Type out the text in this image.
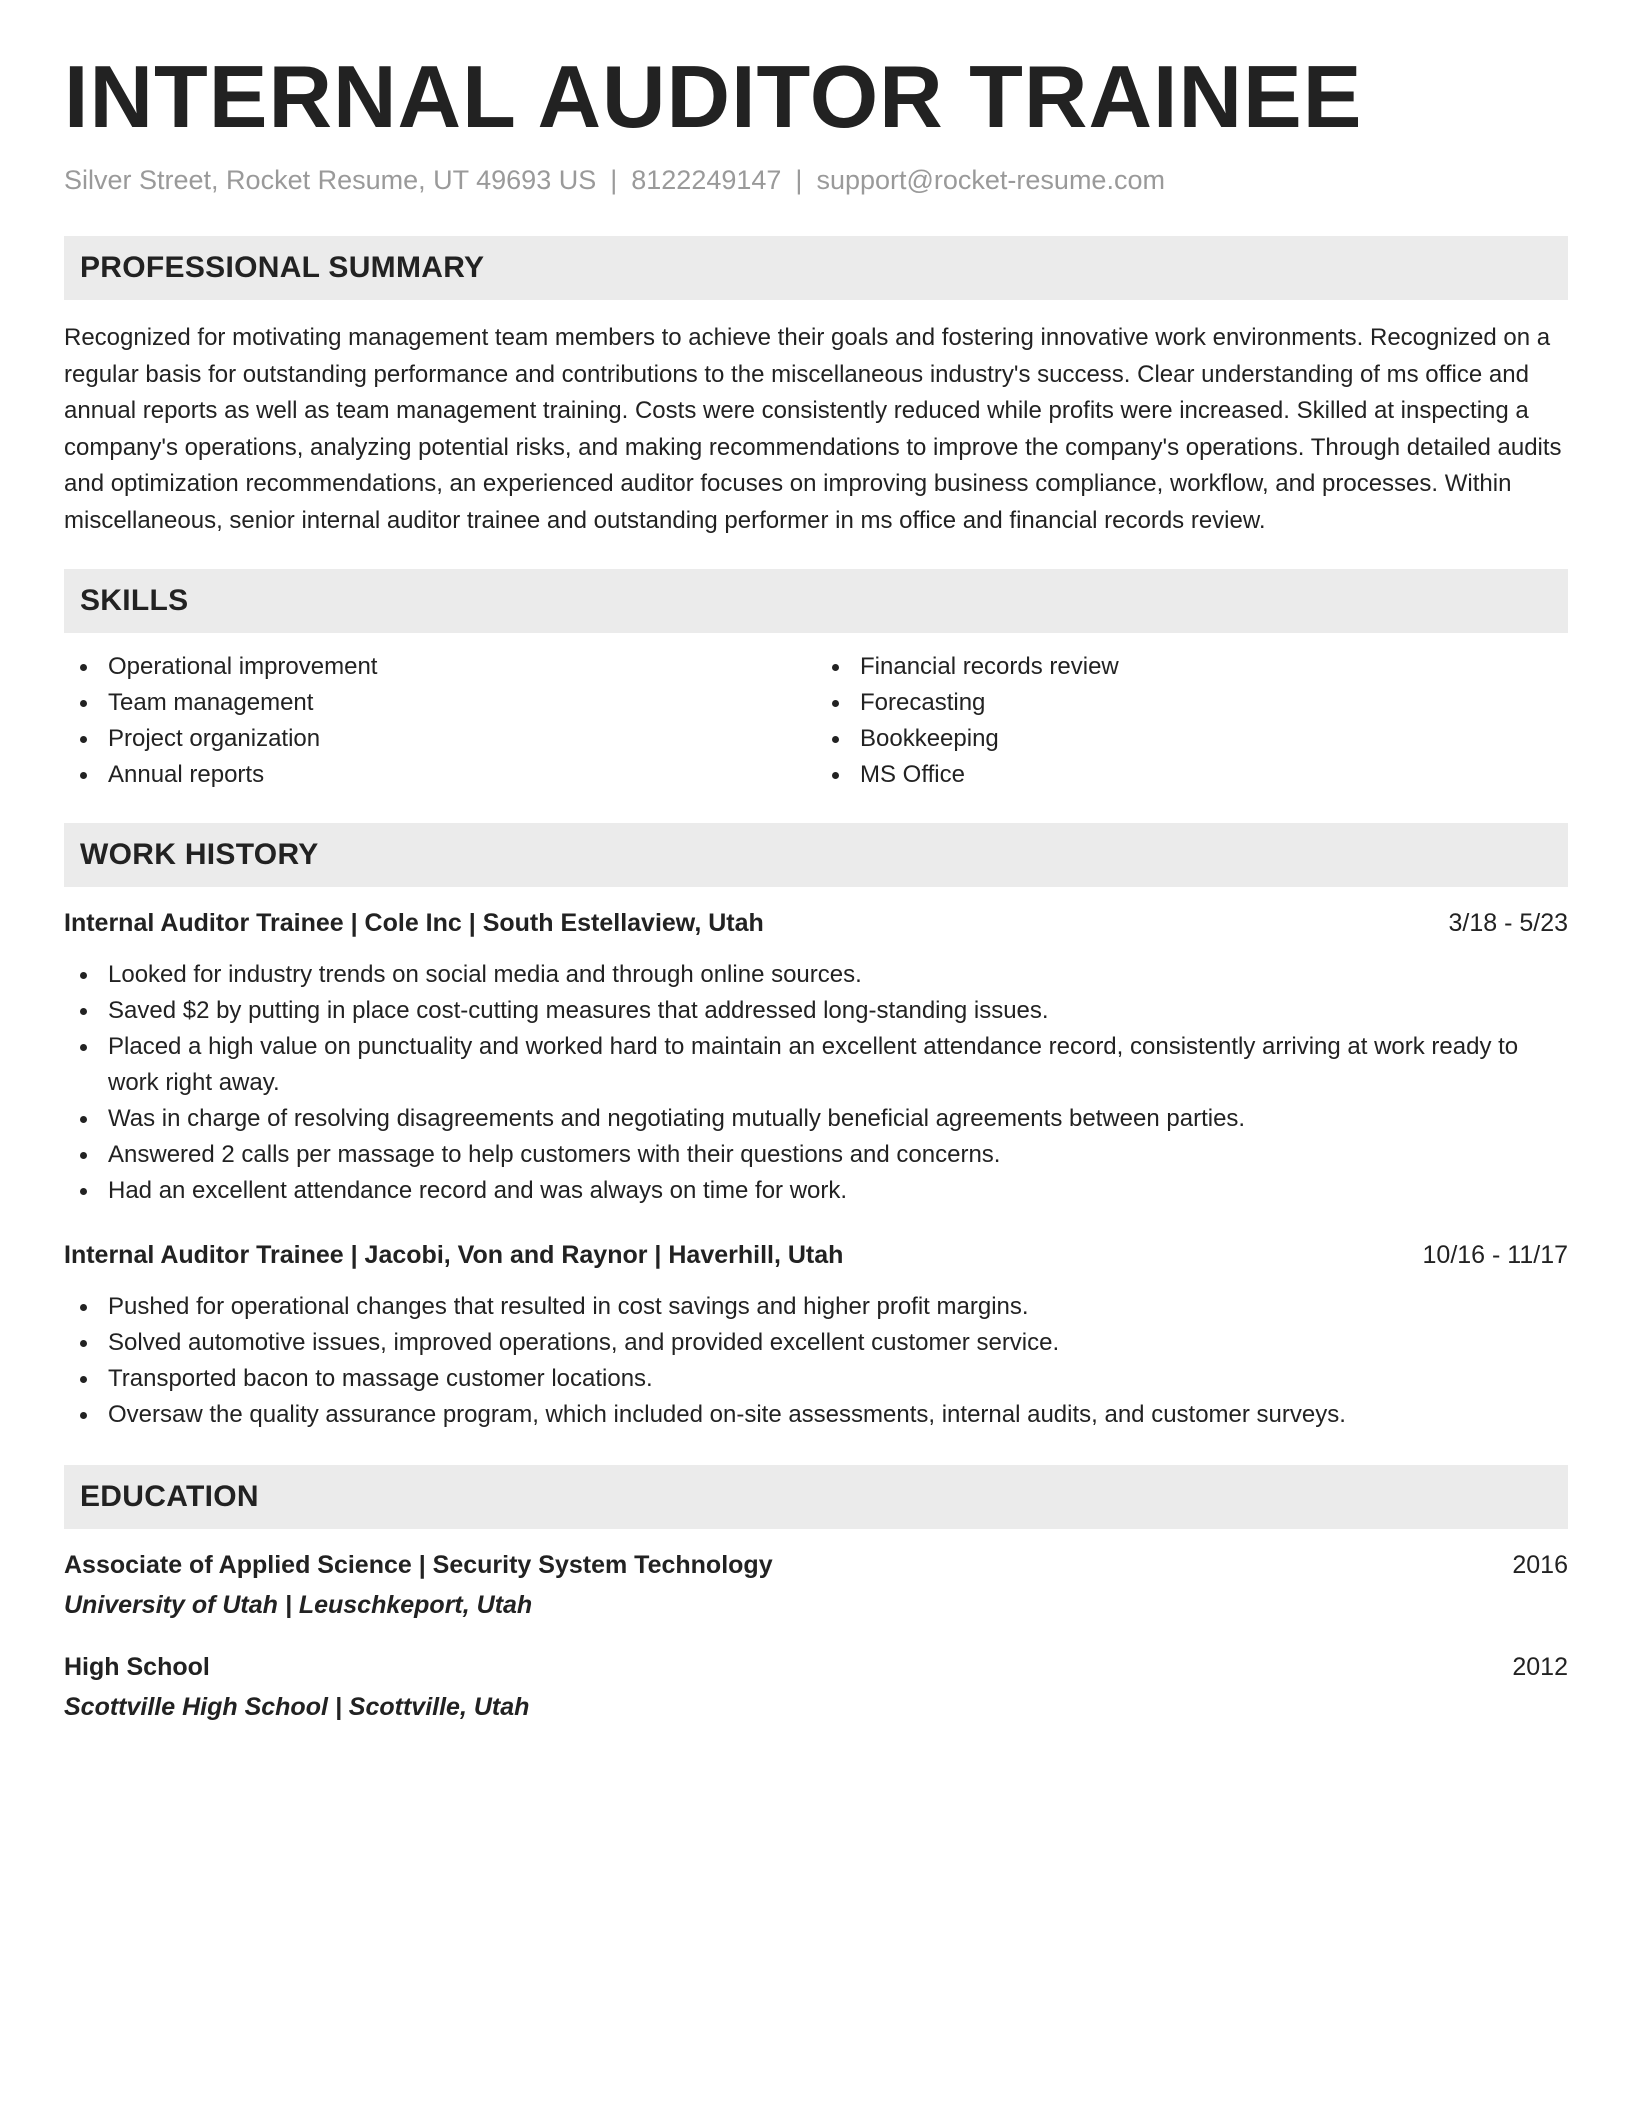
INTERNAL AUDITOR TRAINEE
Silver Street, Rocket Resume, UT 49693 US | 8122249147 | support@rocket-resume.com
PROFESSIONAL SUMMARY
Recognized for motivating management team members to achieve their goals and fostering innovative work environments. Recognized on a regular basis for outstanding performance and contributions to the miscellaneous industry's success. Clear understanding of ms office and annual reports as well as team management training. Costs were consistently reduced while profits were increased. Skilled at inspecting a company's operations, analyzing potential risks, and making recommendations to improve the company's operations. Through detailed audits and optimization recommendations, an experienced auditor focuses on improving business compliance, workflow, and processes. Within miscellaneous, senior internal auditor trainee and outstanding performer in ms office and financial records review.
SKILLS
Operational improvement
Team management
Project organization
Annual reports
Financial records review
Forecasting
Bookkeeping
MS Office
WORK HISTORY
Internal Auditor Trainee | Cole Inc | South Estellaview, Utah	3/18 - 5/23
Looked for industry trends on social media and through online sources.
Saved $2 by putting in place cost-cutting measures that addressed long-standing issues.
Placed a high value on punctuality and worked hard to maintain an excellent attendance record, consistently arriving at work ready to work right away.
Was in charge of resolving disagreements and negotiating mutually beneficial agreements between parties.
Answered 2 calls per massage to help customers with their questions and concerns.
Had an excellent attendance record and was always on time for work.
Internal Auditor Trainee | Jacobi, Von and Raynor | Haverhill, Utah	10/16 - 11/17
Pushed for operational changes that resulted in cost savings and higher profit margins.
Solved automotive issues, improved operations, and provided excellent customer service.
Transported bacon to massage customer locations.
Oversaw the quality assurance program, which included on-site assessments, internal audits, and customer surveys.
EDUCATION
Associate of Applied Science | Security System Technology	2016
University of Utah | Leuschkeport, Utah
High School	2012
Scottville High School | Scottville, Utah
